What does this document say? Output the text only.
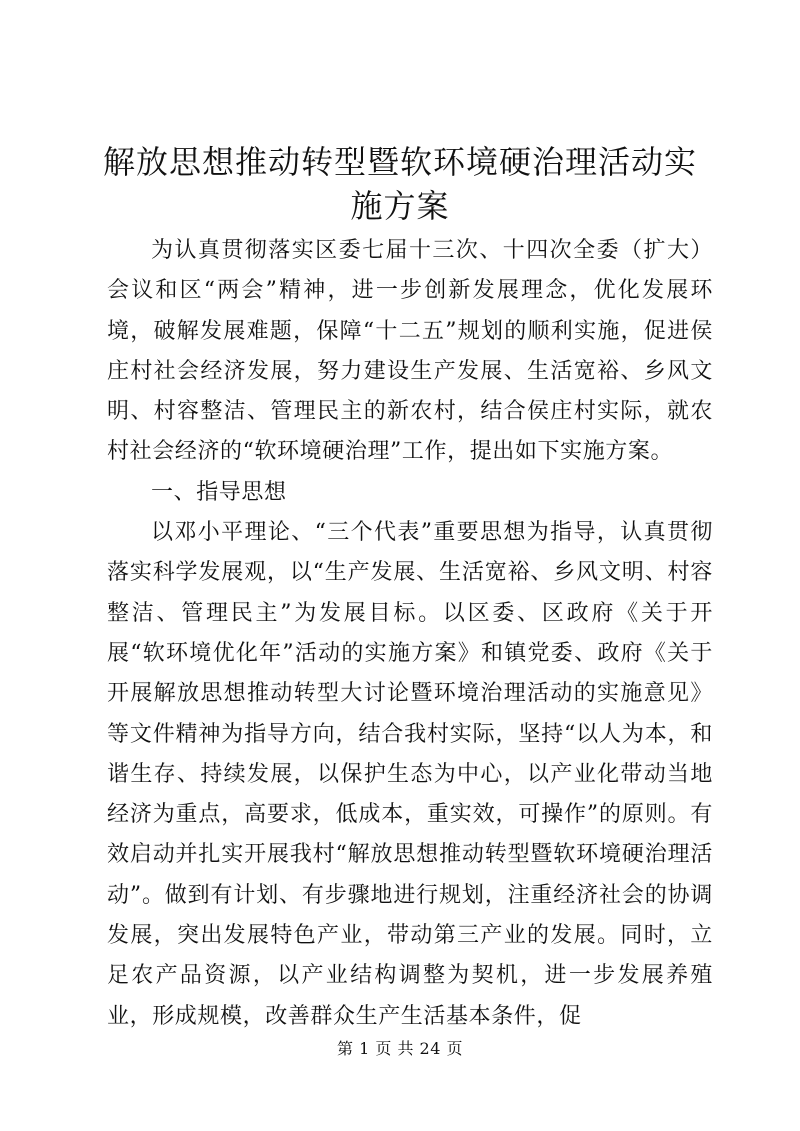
解放思想推动转型暨软环境硬治理活动实施方案

为认真贯彻落实区委七届十三次、十四次全委（扩大）会议和区“两会”精神，进一步创新发展理念，优化发展环境，破解发展难题，保障“十二五”规划的顺利实施，促进侯庄村社会经济发展，努力建设生产发展、生活宽裕、乡风文明、村容整洁、管理民主的新农村，结合侯庄村实际，就农村社会经济的“软环境硬治理”工作，提出如下实施方案。

一、指导思想

以邓小平理论、“三个代表”重要思想为指导，认真贯彻落实科学发展观，以“生产发展、生活宽裕、乡风文明、村容整洁、管理民主”为发展目标。以区委、区政府《关于开展“软环境优化年”活动的实施方案》和镇党委、政府《关于开展解放思想推动转型大讨论暨环境治理活动的实施意见》等文件精神为指导方向，结合我村实际，坚持“以人为本，和谐生存、持续发展，以保护生态为中心，以产业化带动当地经济为重点，高要求，低成本，重实效，可操作”的原则。有效启动并扎实开展我村“解放思想推动转型暨软环境硬治理活动”。做到有计划、有步骤地进行规划，注重经济社会的协调发展，突出发展特色产业，带动第三产业的发展。同时，立足农产品资源，以产业结构调整为契机，进一步发展养殖业，形成规模，改善群众生产生活基本条件，促

第 1 页 共 24 页
